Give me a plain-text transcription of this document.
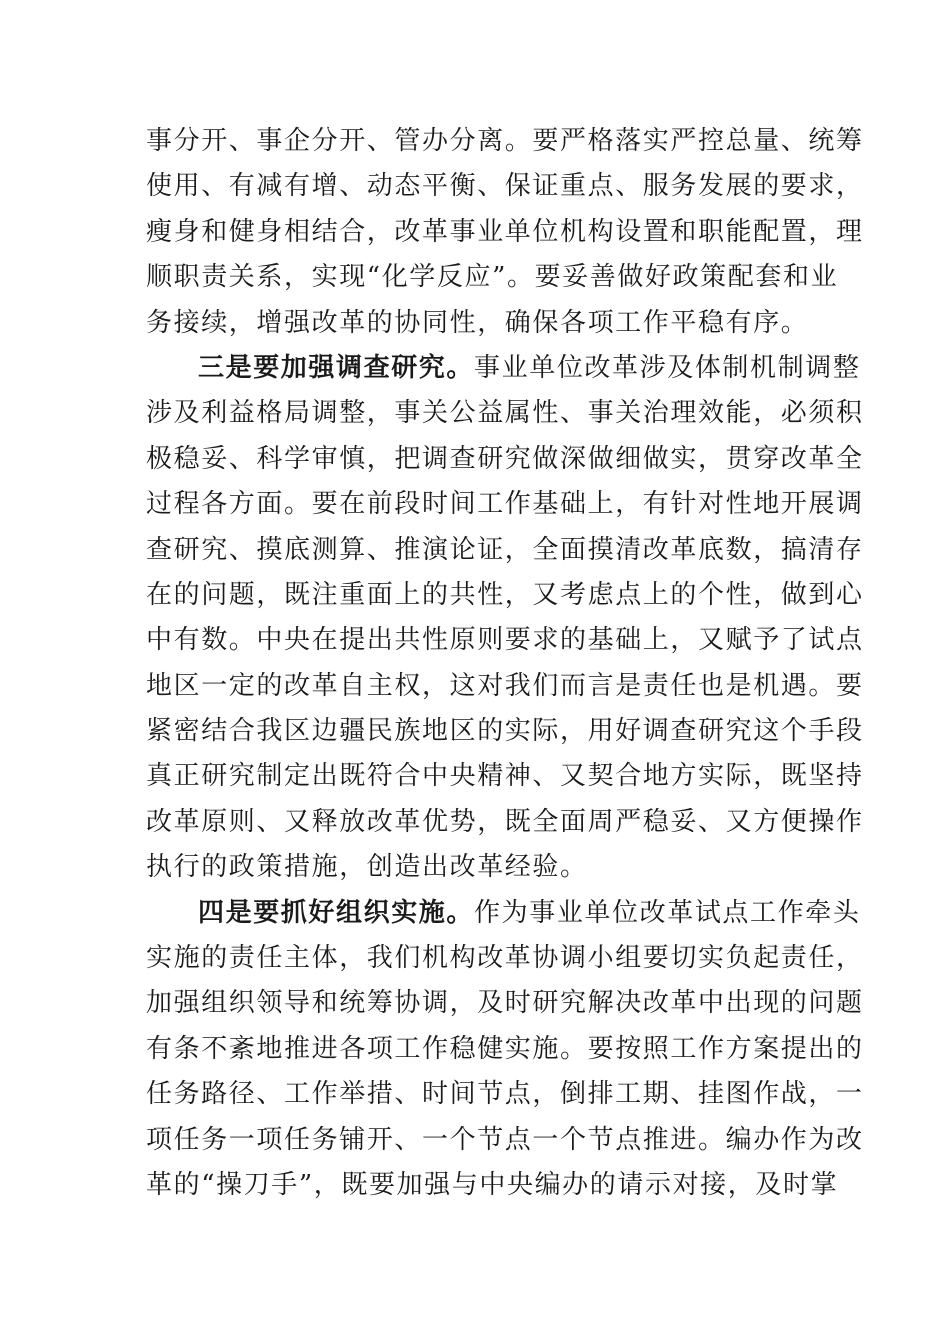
事分开、事企分开、管办分离。要严格落实严控总量、统筹
使用、有减有增、动态平衡、保证重点、服务发展的要求，
瘦身和健身相结合，改革事业单位机构设置和职能配置，理
顺职责关系，实现“化学反应”。要妥善做好政策配套和业
务接续，增强改革的协同性，确保各项工作平稳有序。
三是要加强调查研究。事业单位改革涉及体制机制调整
涉及利益格局调整，事关公益属性、事关治理效能，必须积
极稳妥、科学审慎，把调查研究做深做细做实，贯穿改革全
过程各方面。要在前段时间工作基础上，有针对性地开展调
查研究、摸底测算、推演论证，全面摸清改革底数，搞清存
在的问题，既注重面上的共性，又考虑点上的个性，做到心
中有数。中央在提出共性原则要求的基础上，又赋予了试点
地区一定的改革自主权，这对我们而言是责任也是机遇。要
紧密结合我区边疆民族地区的实际，用好调查研究这个手段
真正研究制定出既符合中央精神、又契合地方实际，既坚持
改革原则、又释放改革优势，既全面周严稳妥、又方便操作
执行的政策措施，创造出改革经验。
四是要抓好组织实施。作为事业单位改革试点工作牵头
实施的责任主体，我们机构改革协调小组要切实负起责任，
加强组织领导和统筹协调，及时研究解决改革中出现的问题
有条不紊地推进各项工作稳健实施。要按照工作方案提出的
任务路径、工作举措、时间节点，倒排工期、挂图作战，一
项任务一项任务铺开、一个节点一个节点推进。编办作为改
革的“操刀手”，既要加强与中央编办的请示对接，及时掌
